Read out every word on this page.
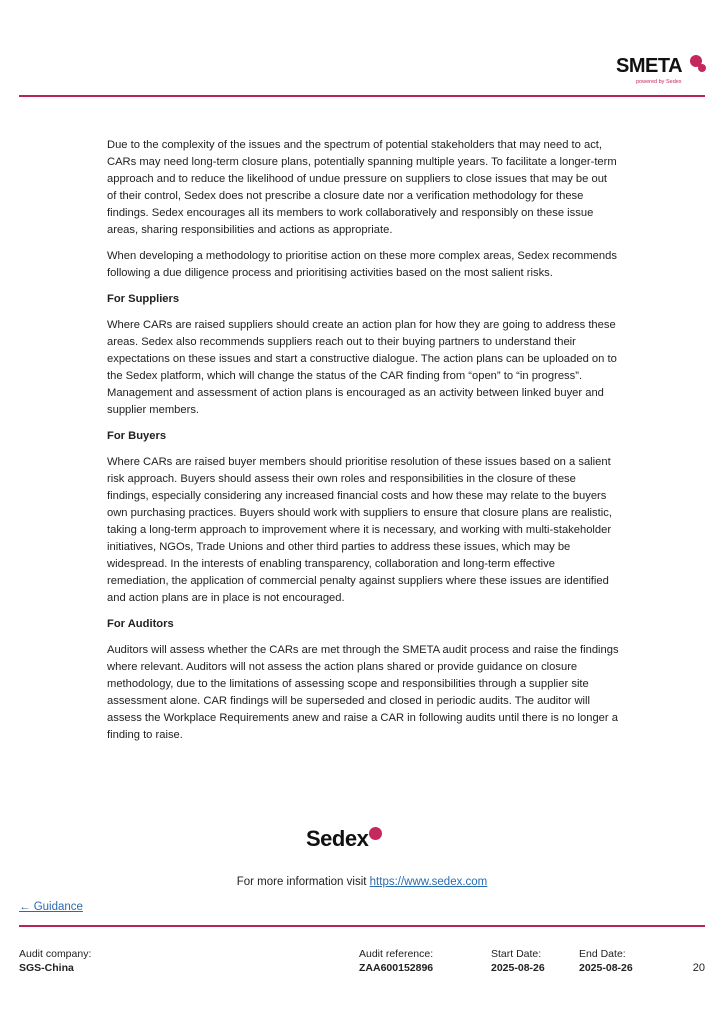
SMETA
powered by Sedex

Due to the complexity of the issues and the spectrum of potential stakeholders that may need to act, CARs may need long-term closure plans, potentially spanning multiple years. To facilitate a longer-term approach and to reduce the likelihood of undue pressure on suppliers to close issues that may be out of their control, Sedex does not prescribe a closure date nor a verification methodology for these findings. Sedex encourages all its members to work collaboratively and responsibly on these issue areas, sharing responsibilities and actions as appropriate.

When developing a methodology to prioritise action on these more complex areas, Sedex recommends following a due diligence process and prioritising activities based on the most salient risks.

For Suppliers

Where CARs are raised suppliers should create an action plan for how they are going to address these areas. Sedex also recommends suppliers reach out to their buying partners to understand their expectations on these issues and start a constructive dialogue. The action plans can be uploaded on to the Sedex platform, which will change the status of the CAR finding from “open” to “in progress”. Management and assessment of action plans is encouraged as an activity between linked buyer and supplier members.

For Buyers

Where CARs are raised buyer members should prioritise resolution of these issues based on a salient risk approach. Buyers should assess their own roles and responsibilities in the closure of these findings, especially considering any increased financial costs and how these may relate to the buyers own purchasing practices. Buyers should work with suppliers to ensure that closure plans are realistic, taking a long-term approach to improvement where it is necessary, and working with multi-stakeholder initiatives, NGOs, Trade Unions and other third parties to address these issues, which may be widespread. In the interests of enabling transparency, collaboration and long-term effective remediation, the application of commercial penalty against suppliers where these issues are identified and action plans are in place is not encouraged.

For Auditors

Auditors will assess whether the CARs are met through the SMETA audit process and raise the findings where relevant. Auditors will not assess the action plans shared or provide guidance on closure methodology, due to the limitations of assessing scope and responsibilities through a supplier site assessment alone. CAR findings will be superseded and closed in periodic audits. The auditor will assess the Workplace Requirements anew and raise a CAR in following audits until there is no longer a finding to raise.

Sedex
For more information visit https://www.sedex.com
← Guidance
Audit company:
SGS-China
Audit reference:
ZAA600152896
Start Date:
2025-08-26
End Date:
2025-08-26	20
